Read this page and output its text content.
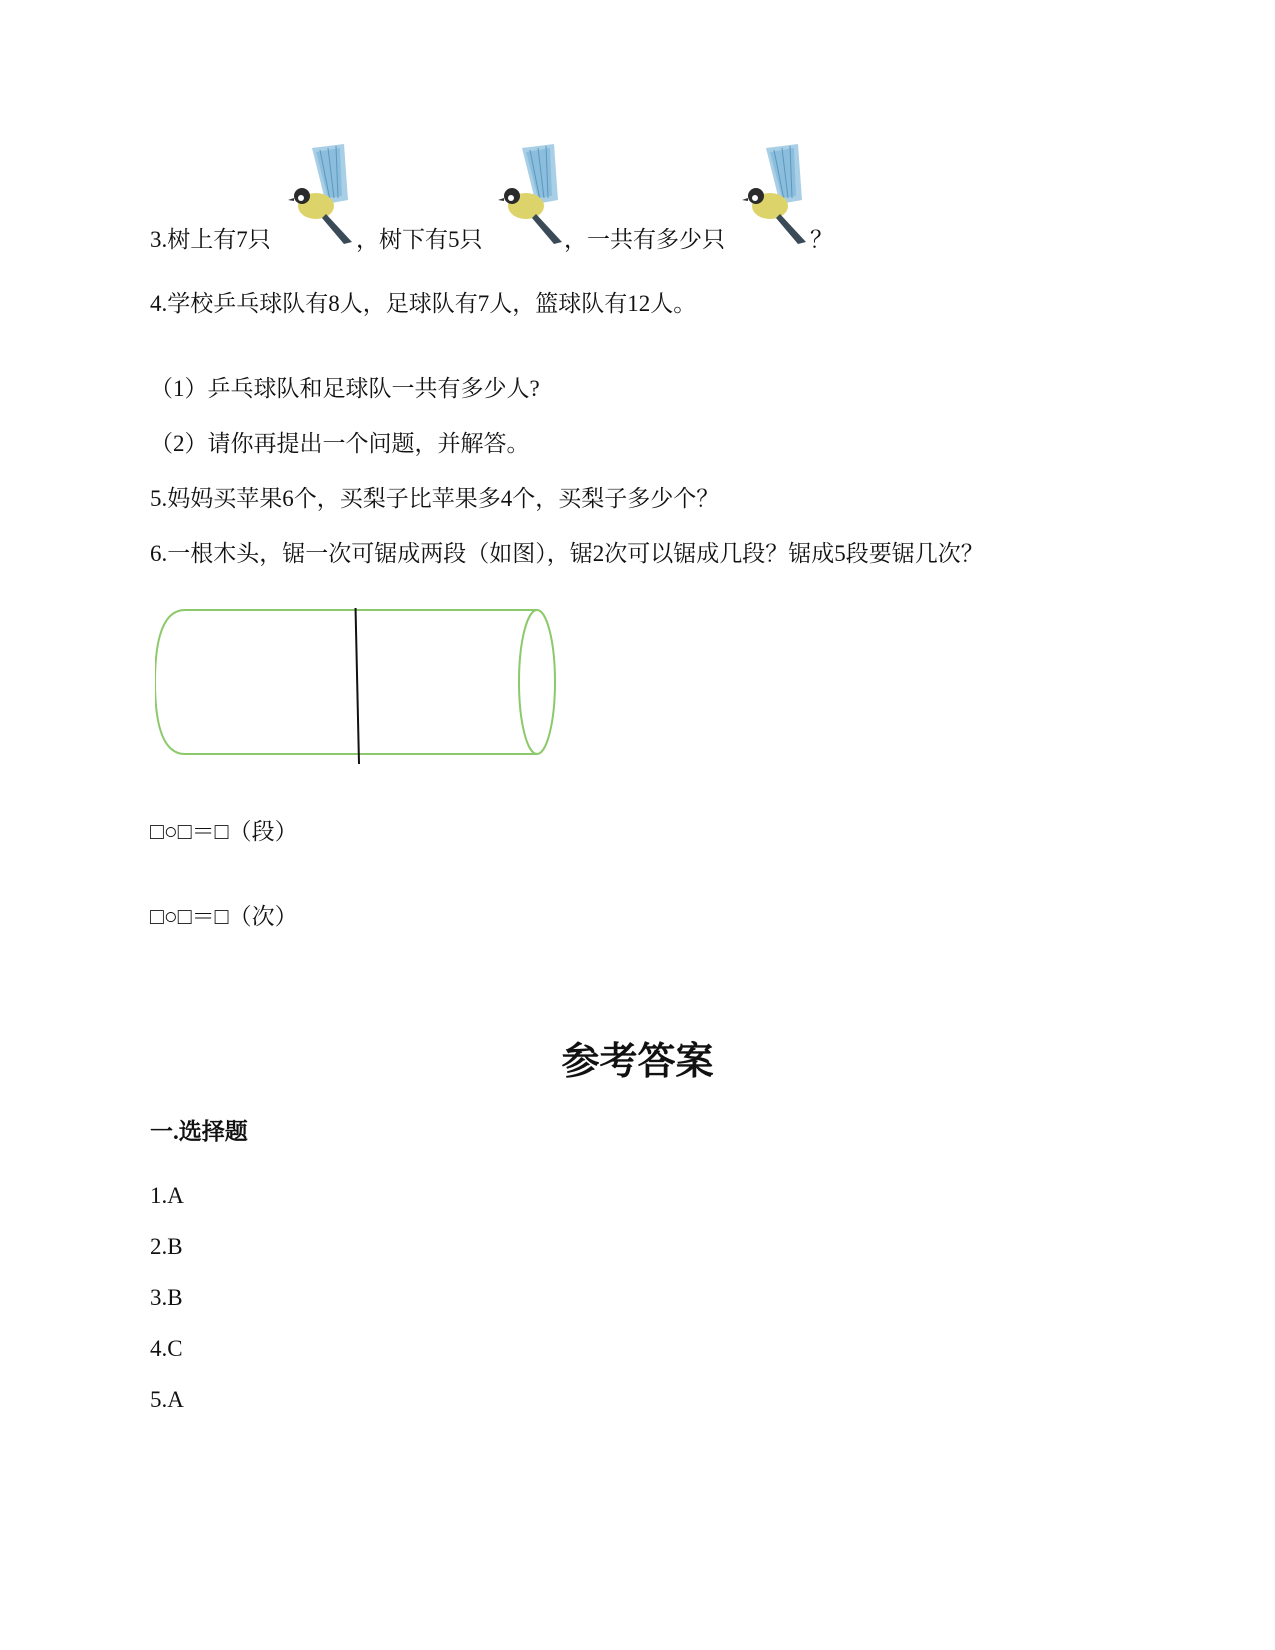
3.树上有7只	，树下有5只	，一共有多少只	？
4.学校乒乓球队有8人，足球队有7人，篮球队有12人。
（1）乒乓球队和足球队一共有多少人?
（2）请你再提出一个问题，并解答。
5.妈妈买苹果6个，买梨子比苹果多4个，买梨子多少个？
6.一根木头，锯一次可锯成两段（如图），锯2次可以锯成几段？锯成5段要锯几次？
□○□＝□（段）
□○□＝□（次）
参考答案
一.选择题
1.A
2.B
3.B
4.C
5.A
